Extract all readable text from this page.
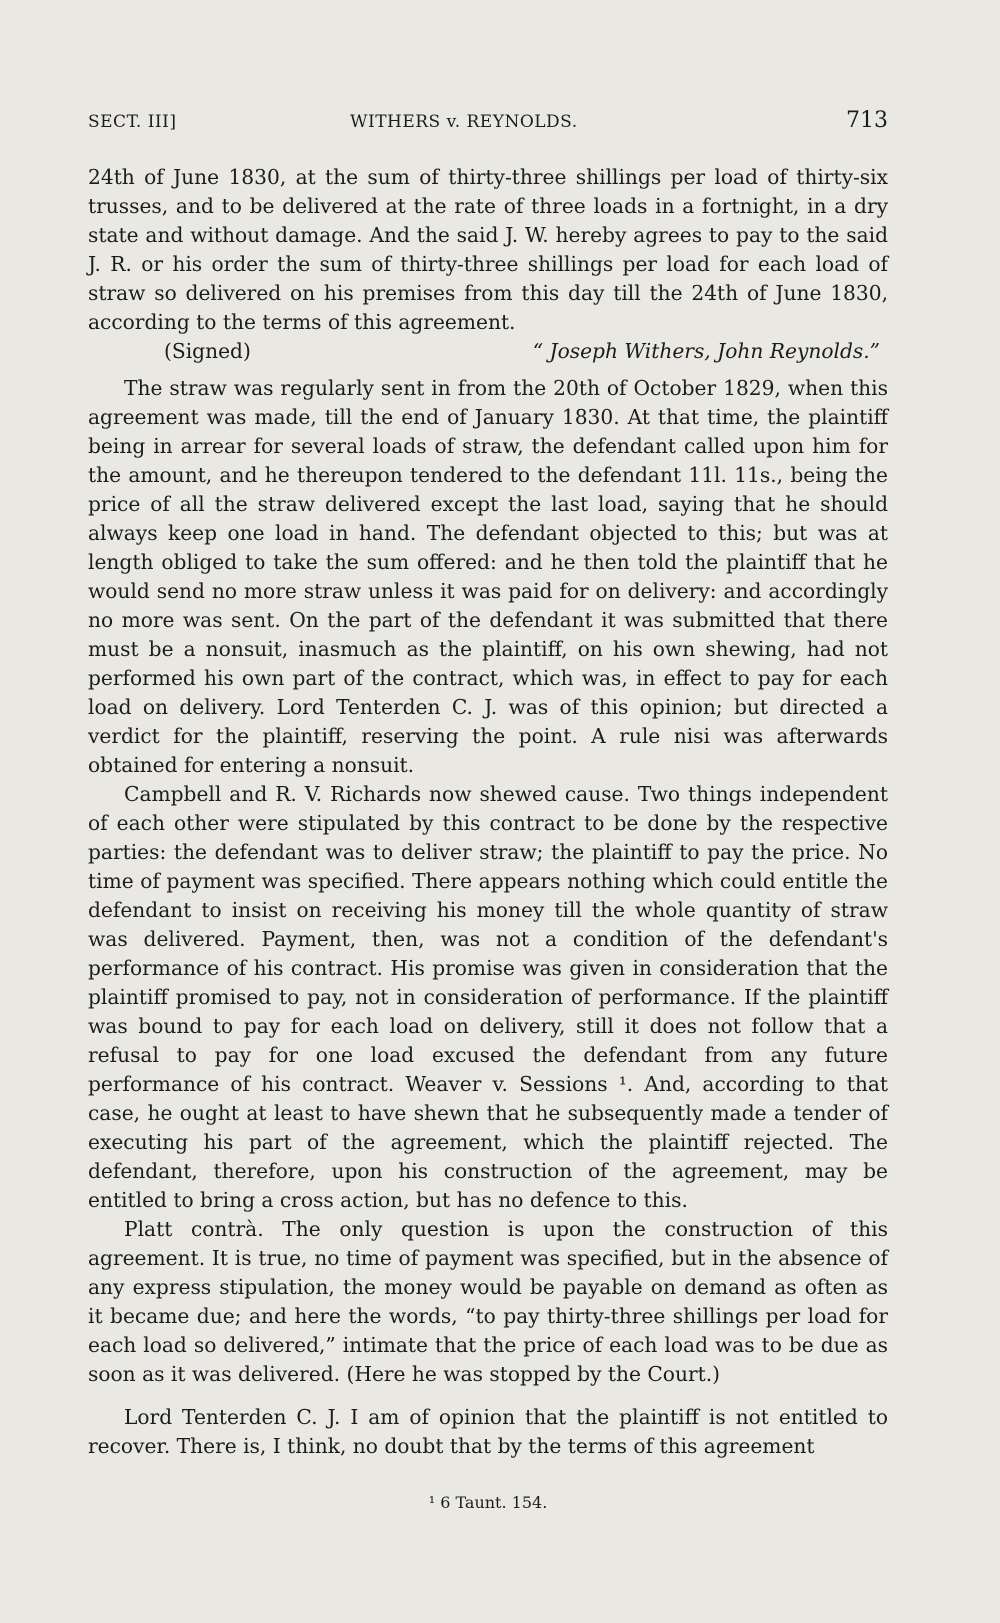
SECT. III]	WITHERS v. REYNOLDS.	713

24th of June 1830, at the sum of thirty-three shillings per load of thirty-six trusses, and to be delivered at the rate of three loads in a fortnight, in a dry state and without damage. And the said J. W. hereby agrees to pay to the said J. R. or his order the sum of thirty-three shillings per load for each load of straw so delivered on his premises from this day till the 24th of June 1830, according to the terms of this agreement.

(Signed)	“ Joseph Withers, John Reynolds.”

The straw was regularly sent in from the 20th of October 1829, when this agreement was made, till the end of January 1830. At that time, the plaintiff being in arrear for several loads of straw, the defendant called upon him for the amount, and he thereupon tendered to the defendant 11l. 11s., being the price of all the straw delivered except the last load, saying that he should always keep one load in hand. The defendant objected to this; but was at length obliged to take the sum offered: and he then told the plaintiff that he would send no more straw unless it was paid for on delivery: and accordingly no more was sent. On the part of the defendant it was submitted that there must be a nonsuit, inasmuch as the plaintiff, on his own shewing, had not performed his own part of the contract, which was, in effect to pay for each load on delivery. Lord Tenterden C. J. was of this opinion; but directed a verdict for the plaintiff, reserving the point. A rule nisi was afterwards obtained for entering a nonsuit.

Campbell and R. V. Richards now shewed cause. Two things independent of each other were stipulated by this contract to be done by the respective parties: the defendant was to deliver straw; the plaintiff to pay the price. No time of payment was specified. There appears nothing which could entitle the defendant to insist on receiving his money till the whole quantity of straw was delivered. Payment, then, was not a condition of the defendant's performance of his contract. His promise was given in consideration that the plaintiff promised to pay, not in consideration of performance. If the plaintiff was bound to pay for each load on delivery, still it does not follow that a refusal to pay for one load excused the defendant from any future performance of his contract. Weaver v. Sessions ¹. And, according to that case, he ought at least to have shewn that he subsequently made a tender of executing his part of the agreement, which the plaintiff rejected. The defendant, therefore, upon his construction of the agreement, may be entitled to bring a cross action, but has no defence to this.

Platt contrà. The only question is upon the construction of this agreement. It is true, no time of payment was specified, but in the absence of any express stipulation, the money would be payable on demand as often as it became due; and here the words, “to pay thirty-three shillings per load for each load so delivered,” intimate that the price of each load was to be due as soon as it was delivered. (Here he was stopped by the Court.)

Lord Tenterden C. J. I am of opinion that the plaintiff is not entitled to recover. There is, I think, no doubt that by the terms of this agreement

¹ 6 Taunt. 154.
